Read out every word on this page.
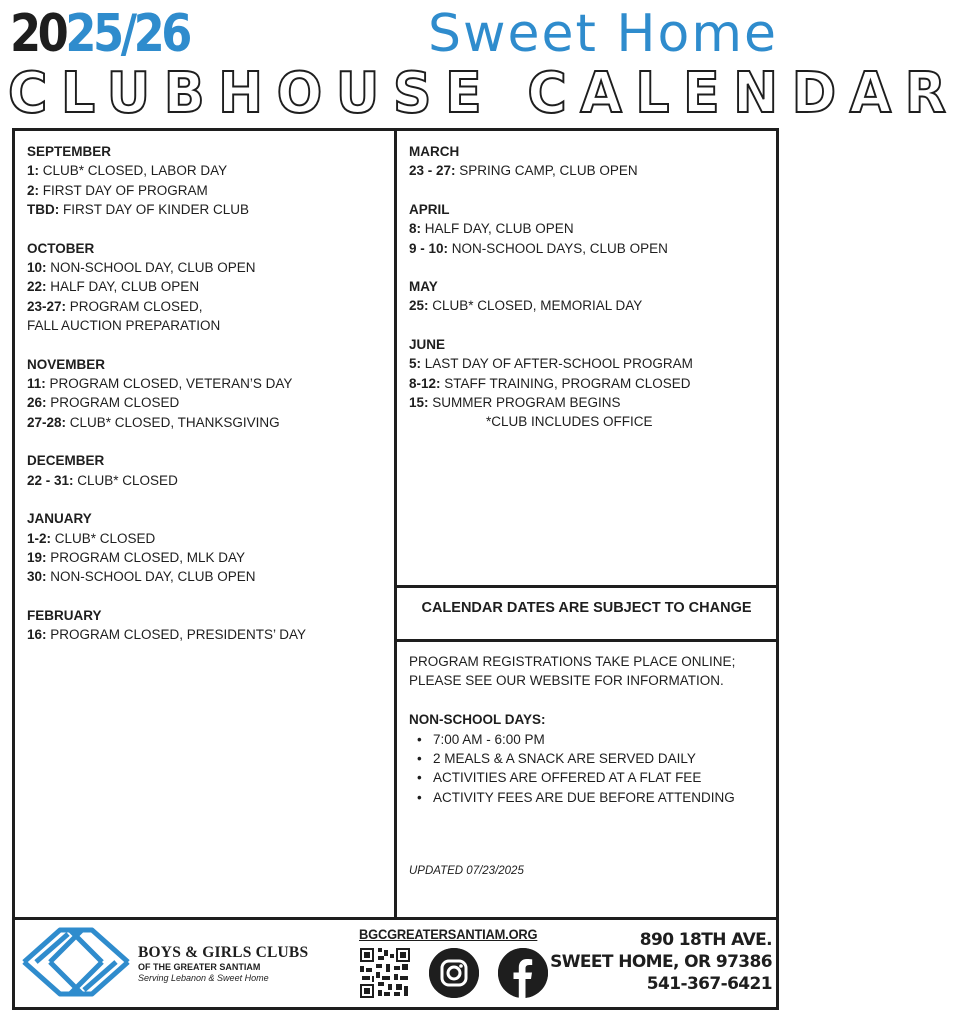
2025/26	Sweet Home
CLUBHOUSE CALENDAR
SEPTEMBER
1: CLUB* CLOSED, LABOR DAY
2: FIRST DAY OF PROGRAM
TBD: FIRST DAY OF KINDER CLUB
OCTOBER
10: NON-SCHOOL DAY, CLUB OPEN
22: HALF DAY, CLUB OPEN
23-27: PROGRAM CLOSED,
FALL AUCTION PREPARATION
NOVEMBER
11: PROGRAM CLOSED, VETERAN’S DAY
26: PROGRAM CLOSED
27-28: CLUB* CLOSED, THANKSGIVING
DECEMBER
22 - 31: CLUB* CLOSED
JANUARY
1-2: CLUB* CLOSED
19: PROGRAM CLOSED, MLK DAY
30: NON-SCHOOL DAY, CLUB OPEN
FEBRUARY
16: PROGRAM CLOSED, PRESIDENTS’ DAY
MARCH
23 - 27: SPRING CAMP, CLUB OPEN
APRIL
8: HALF DAY, CLUB OPEN
9 - 10: NON-SCHOOL DAYS, CLUB OPEN
MAY
25: CLUB* CLOSED, MEMORIAL DAY
JUNE
5: LAST DAY OF AFTER-SCHOOL PROGRAM
8-12: STAFF TRAINING, PROGRAM CLOSED
15: SUMMER PROGRAM BEGINS
*CLUB INCLUDES OFFICE
CALENDAR DATES ARE SUBJECT TO CHANGE
PROGRAM REGISTRATIONS TAKE PLACE ONLINE;
PLEASE SEE OUR WEBSITE FOR INFORMATION.
NON-SCHOOL DAYS:
• 7:00 AM - 6:00 PM
• 2 MEALS & A SNACK ARE SERVED DAILY
• ACTIVITIES ARE OFFERED AT A FLAT FEE
• ACTIVITY FEES ARE DUE BEFORE ATTENDING
UPDATED 07/23/2025
BOYS & GIRLS CLUBS
OF THE GREATER SANTIAM
Serving Lebanon & Sweet Home
BGCGREATERSANTIAM.ORG	890 18TH AVE.
SWEET HOME, OR 97386
541-367-6421
